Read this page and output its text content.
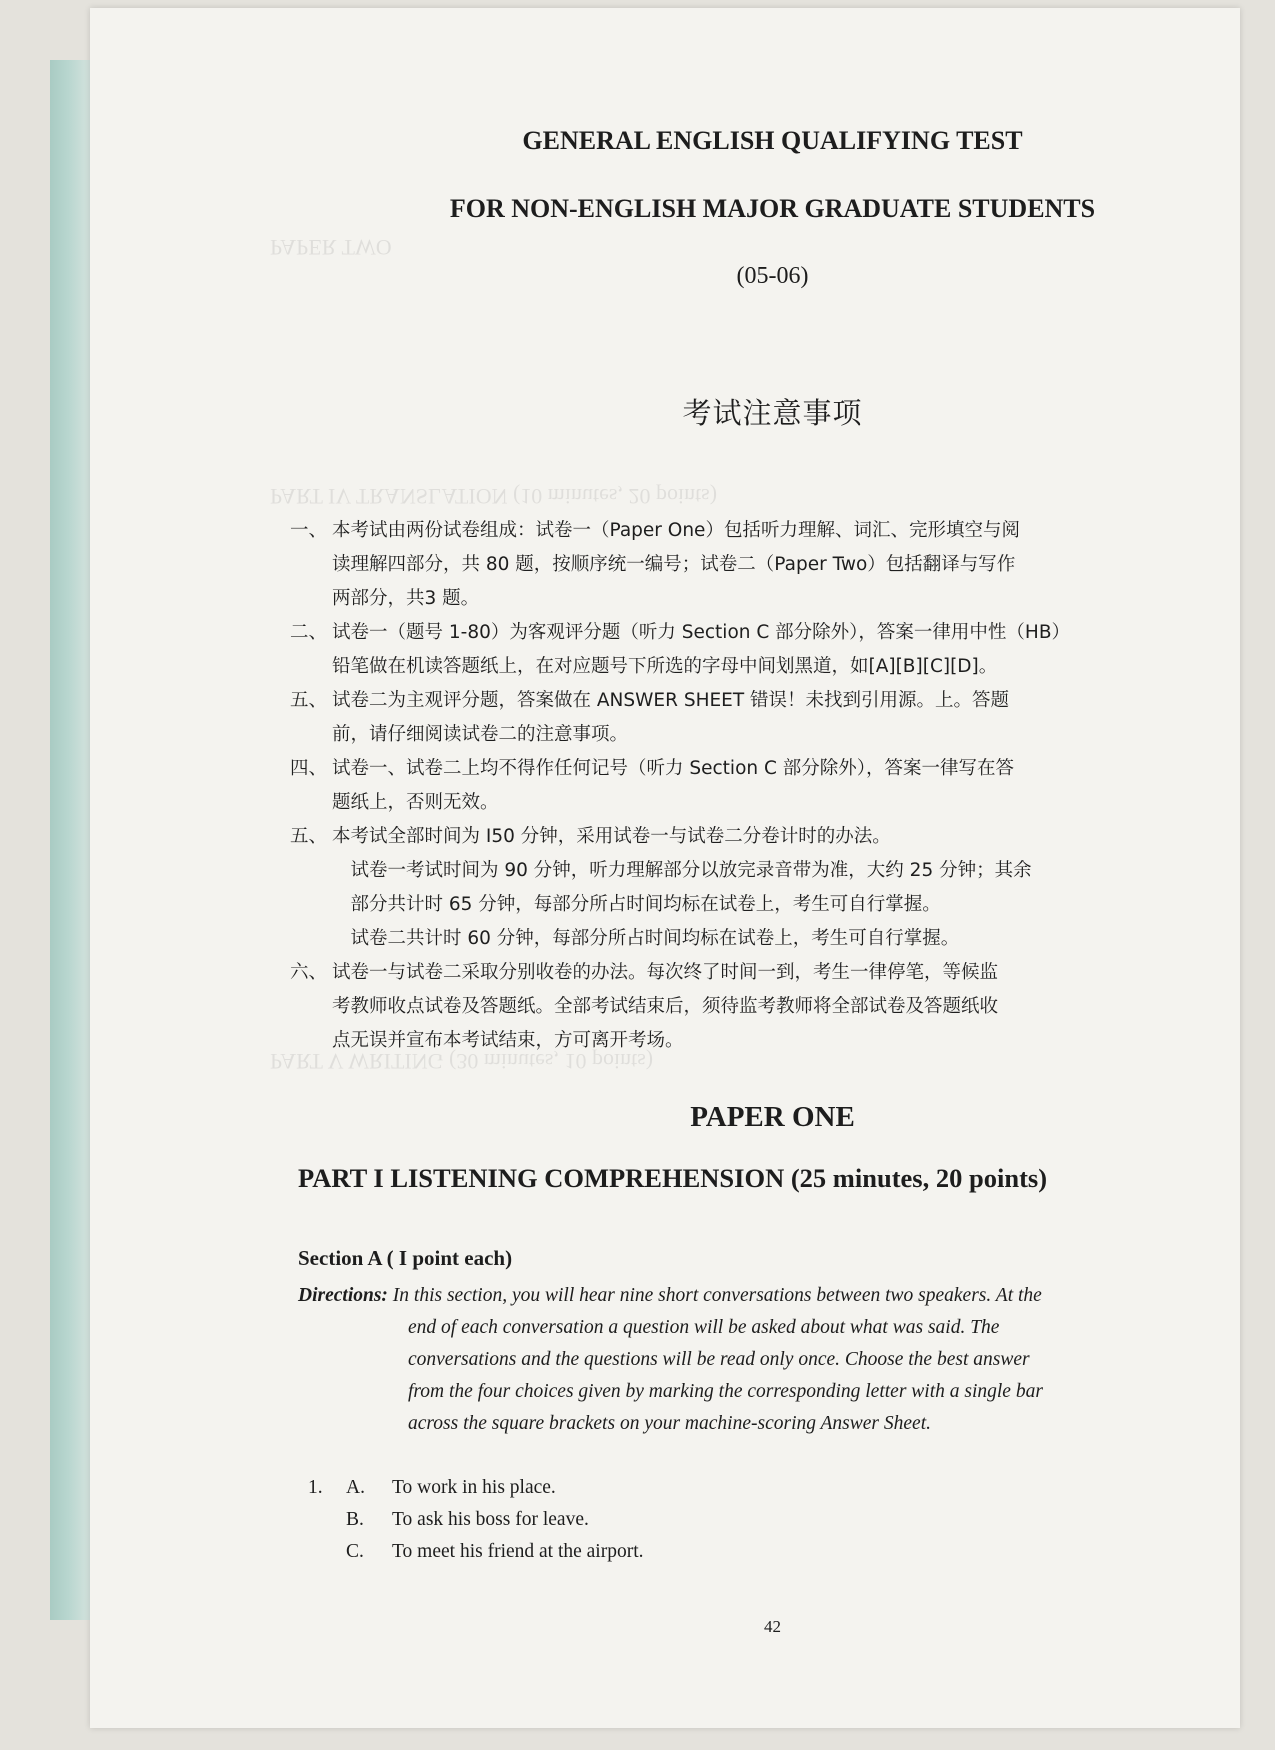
PAPER TWO
PART IV TRANSLATION (10 minutes, 20 points)
PART V WRITING (30 minutes, 10 points)
GENERAL ENGLISH QUALIFYING TEST
FOR NON-ENGLISH MAJOR GRADUATE STUDENTS
(05-06)
考试注意事项
一、 本考试由两份试卷组成：试卷一（Paper One）包括听力理解、词汇、完形填空与阅
读理解四部分，共 80 题，按顺序统一编号；试卷二（Paper Two）包括翻译与写作
两部分，共3 题。
二、 试卷一（题号 1-80）为客观评分题（听力 Section C 部分除外），答案一律用中性（HB）
铅笔做在机读答题纸上，在对应题号下所选的字母中间划黑道，如[A][B][C][D]。
五、 试卷二为主观评分题，答案做在 ANSWER SHEET 错误！未找到引用源。上。答题
前，请仔细阅读试卷二的注意事项。
四、 试卷一、试卷二上均不得作任何记号（听力 Section C 部分除外），答案一律写在答
题纸上，否则无效。
五、 本考试全部时间为 I50 分钟，采用试卷一与试卷二分卷计时的办法。
　试卷一考试时间为 90 分钟，听力理解部分以放完录音带为准，大约 25 分钟；其余
　部分共计时 65 分钟，每部分所占时间均标在试卷上，考生可自行掌握。
　试卷二共计时 60 分钟，每部分所占时间均标在试卷上，考生可自行掌握。
六、 试卷一与试卷二采取分别收卷的办法。每次终了时间一到，考生一律停笔，等候监
考教师收点试卷及答题纸。全部考试结束后，须待监考教师将全部试卷及答题纸收
点无误并宣布本考试结束，方可离开考场。
PAPER ONE
PART I LISTENING COMPREHENSION (25 minutes, 20 points)
Section A ( I point each)
Directions: In this section, you will hear nine short conversations between two speakers. At the
end of each conversation a question will be asked about what was said. The
conversations and the questions will be read only once. Choose the best answer
from the four choices given by marking the corresponding letter with a single bar
across the square brackets on your machine-scoring Answer Sheet.
1. A. To work in his place.
B. To ask his boss for leave.
C. To meet his friend at the airport.
42
